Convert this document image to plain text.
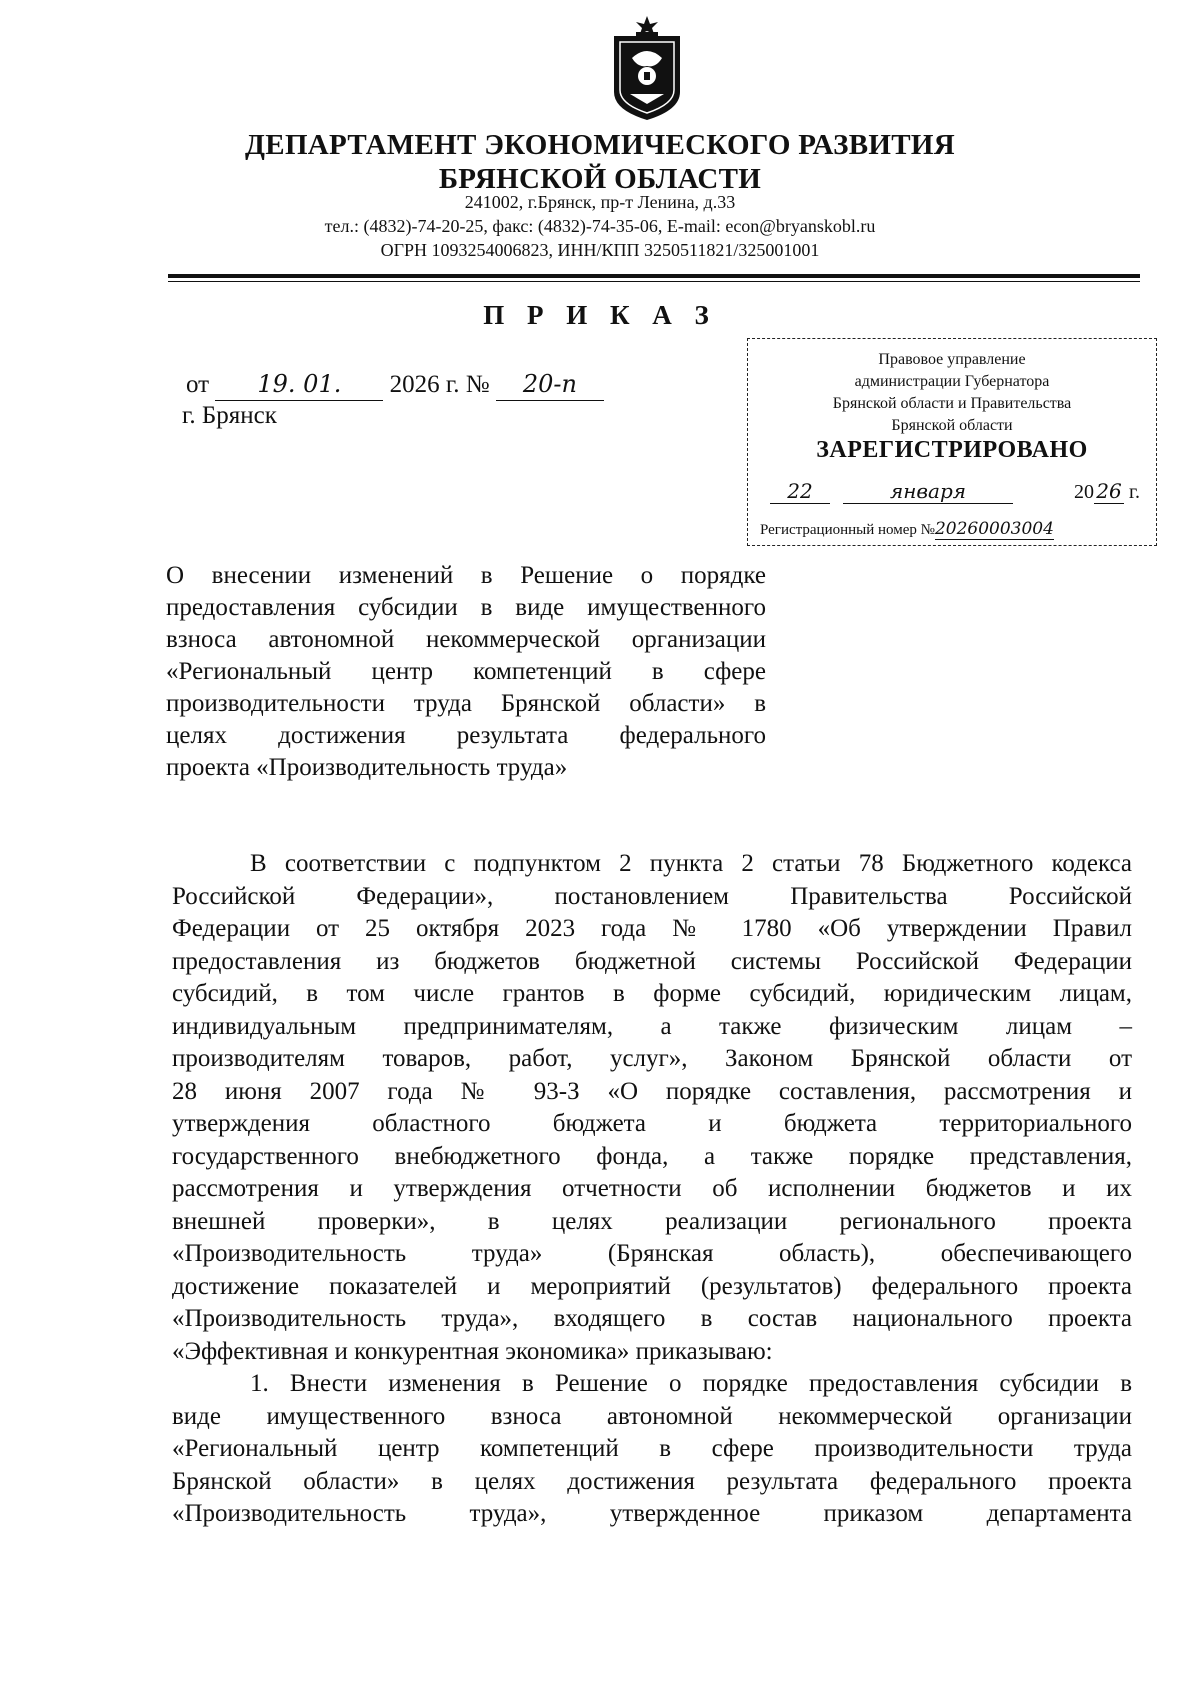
ДЕПАРТАМЕНТ ЭКОНОМИЧЕСКОГО РАЗВИТИЯ
БРЯНСКОЙ ОБЛАСТИ
241002, г.Брянск, пр-т Ленина, д.33
тел.: (4832)-74-20-25, факс: (4832)-74-35-06, E-mail: econ@bryanskobl.ru
ОГРН 1093254006823, ИНН/КПП 3250511821/325001001
П Р И К А З
от 19. 01. 2026 г. № 20-п
г. Брянск
Правовое управление
администрации Губернатора
Брянской области и Правительства
Брянской области
ЗАРЕГИСТРИРОВАНО
22	января	20 26 г.
Регистрационный номер №20260003004
О внесении изменений в Решение о порядке
предоставления субсидии в виде имущественного
взноса автономной некоммерческой организации
«Региональный центр компетенций в сфере
производительности труда Брянской области» в
целях достижения результата федерального
проекта «Производительность труда»
В соответствии с подпунктом 2 пункта 2 статьи 78 Бюджетного кодекса
Российской Федерации», постановлением Правительства Российской
Федерации от 25 октября 2023 года № 1780 «Об утверждении Правил
предоставления из бюджетов бюджетной системы Российской Федерации
субсидий, в том числе грантов в форме субсидий, юридическим лицам,
индивидуальным предпринимателям, а также физическим лицам –
производителям товаров, работ, услуг», Законом Брянской области от
28 июня 2007 года № 93-З «О порядке составления, рассмотрения и
утверждения областного бюджета и бюджета территориального
государственного внебюджетного фонда, а также порядке представления,
рассмотрения и утверждения отчетности об исполнении бюджетов и их
внешней проверки», в целях реализации регионального проекта
«Производительность труда» (Брянская область), обеспечивающего
достижение показателей и мероприятий (результатов) федерального проекта
«Производительность труда», входящего в состав национального проекта
«Эффективная и конкурентная экономика» приказываю:
1. Внести изменения в Решение о порядке предоставления субсидии в
виде имущественного взноса автономной некоммерческой организации
«Региональный центр компетенций в сфере производительности труда
Брянской области» в целях достижения результата федерального проекта
«Производительность труда», утвержденное приказом департамента
